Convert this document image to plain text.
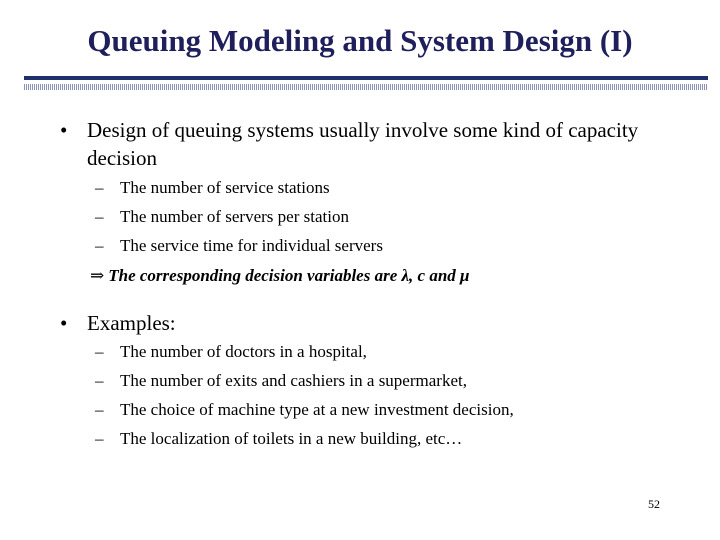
Queuing Modeling and System Design (I)
• Design of queuing systems usually involve some kind of capacity decision
– The number of service stations
– The number of servers per station
– The service time for individual servers
⇒ The corresponding decision variables are λ, c and μ
• Examples:
– The number of doctors in a hospital,
– The number of exits and cashiers in a supermarket,
– The choice of machine type at a new investment decision,
– The localization of toilets in a new building, etc…
52
